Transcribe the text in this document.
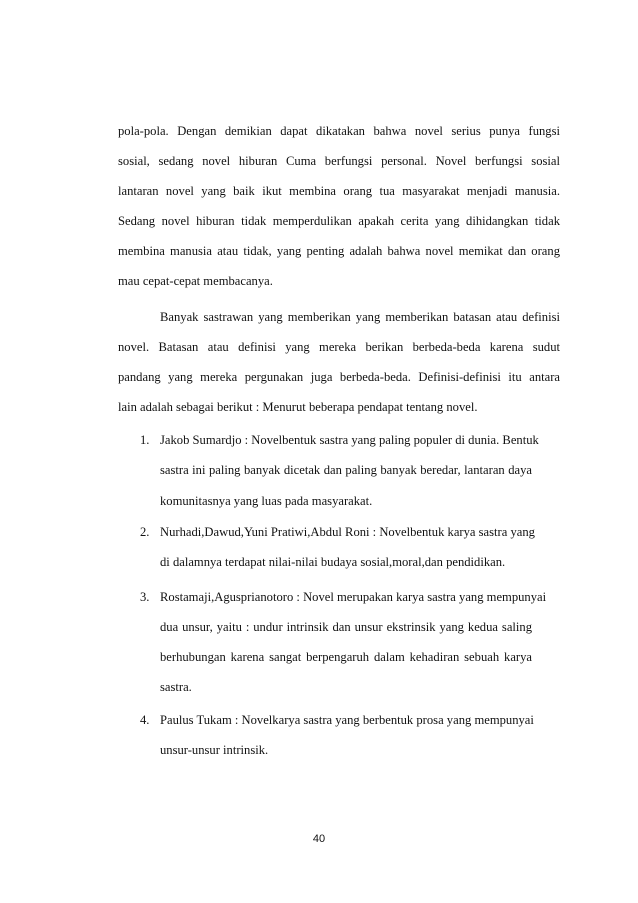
pola-pola. Dengan demikian dapat dikatakan bahwa novel serius punya fungsi
sosial, sedang novel hiburan Cuma berfungsi personal. Novel berfungsi sosial
lantaran novel yang baik ikut membina orang tua masyarakat menjadi manusia.
Sedang novel hiburan tidak memperdulikan apakah cerita yang dihidangkan tidak
membina manusia atau tidak, yang penting adalah bahwa novel memikat dan orang
mau cepat-cepat membacanya.
Banyak sastrawan yang memberikan yang memberikan batasan atau definisi
novel. Batasan atau definisi yang mereka berikan berbeda-beda karena sudut
pandang yang mereka pergunakan juga berbeda-beda. Definisi-definisi itu antara
lain adalah sebagai berikut : Menurut beberapa pendapat tentang novel.
1. Jakob Sumardjo : Novelbentuk sastra yang paling populer di dunia. Bentuk
sastra ini paling banyak dicetak dan paling banyak beredar, lantaran daya
komunitasnya yang luas pada masyarakat.
2. Nurhadi,Dawud,Yuni Pratiwi,Abdul Roni : Novelbentuk karya sastra yang
di dalamnya terdapat nilai-nilai budaya sosial,moral,dan pendidikan.
3. Rostamaji,Agusprianotoro : Novel merupakan karya sastra yang mempunyai
dua unsur, yaitu : undur intrinsik dan unsur ekstrinsik yang kedua saling
berhubungan karena sangat berpengaruh dalam kehadiran sebuah karya
sastra.
4. Paulus Tukam : Novelkarya sastra yang berbentuk prosa yang mempunyai
unsur-unsur intrinsik.
40
